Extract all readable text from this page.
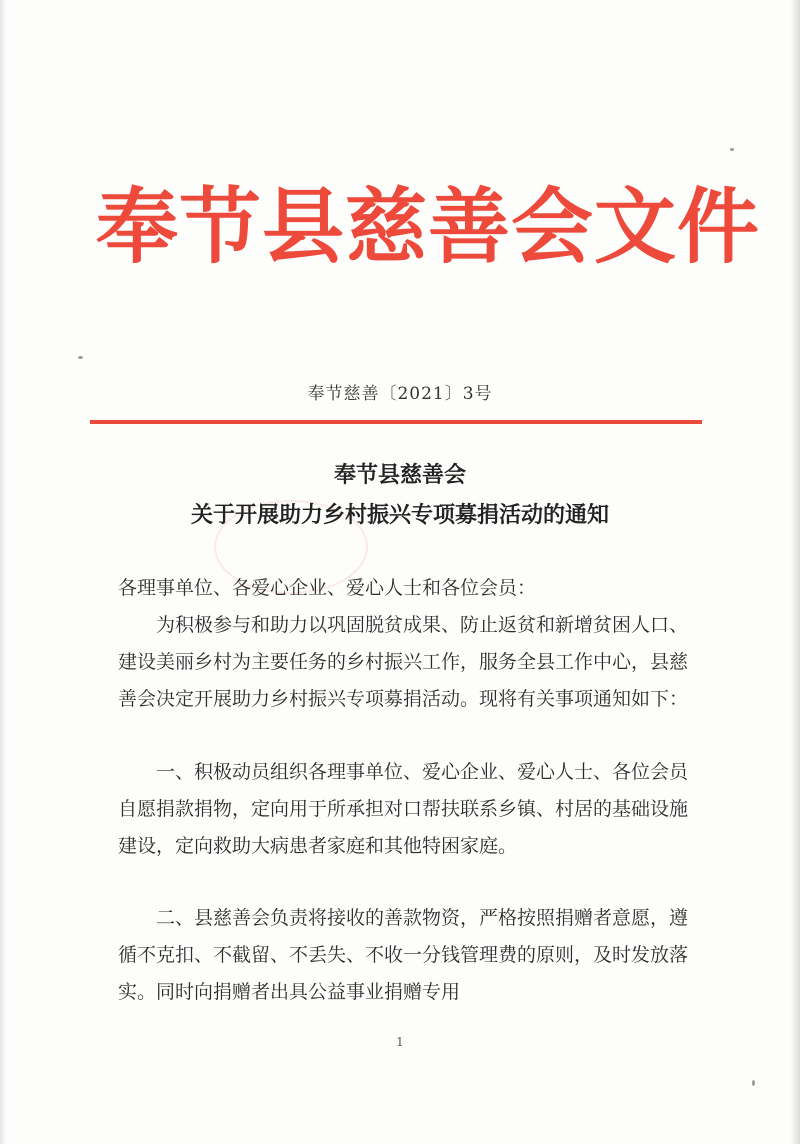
奉节县慈善会文件
奉节慈善〔2021〕3号
奉节县慈善会
关于开展助力乡村振兴专项募捐活动的通知
各理事单位、各爱心企业、爱心人士和各位会员：
为积极参与和助力以巩固脱贫成果、防止返贫和新增贫困人口、建设美丽乡村为主要任务的乡村振兴工作，服务全县工作中心，县慈善会决定开展助力乡村振兴专项募捐活动。现将有关事项通知如下：
一、积极动员组织各理事单位、爱心企业、爱心人士、各位会员自愿捐款捐物，定向用于所承担对口帮扶联系乡镇、村居的基础设施建设，定向救助大病患者家庭和其他特困家庭。
二、县慈善会负责将接收的善款物资，严格按照捐赠者意愿，遵循不克扣、不截留、不丢失、不收一分钱管理费的原则，及时发放落实。同时向捐赠者出具公益事业捐赠专用
1
